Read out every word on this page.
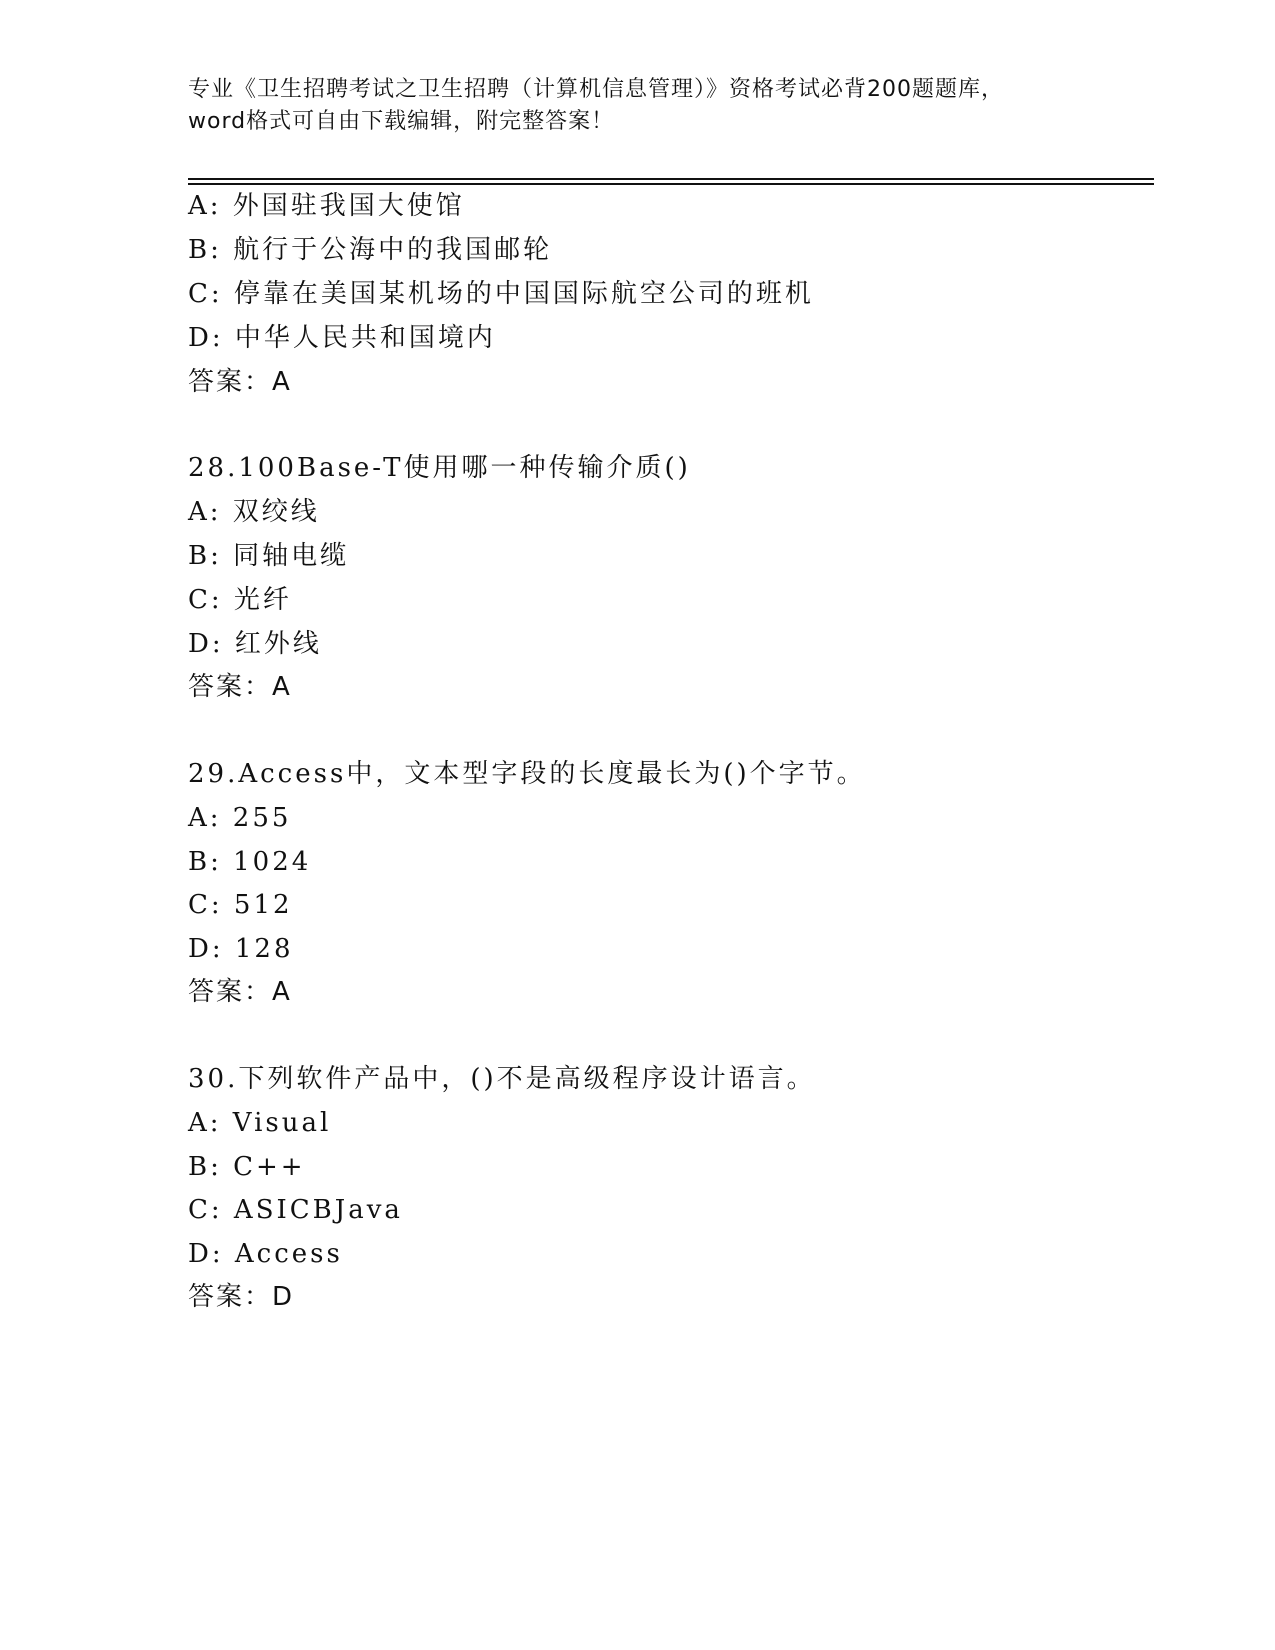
专业《卫生招聘考试之卫生招聘（计算机信息管理）》资格考试必背200题题库，
word格式可自由下载编辑，附完整答案！
A: 外国驻我国大使馆
B: 航行于公海中的我国邮轮
C: 停靠在美国某机场的中国国际航空公司的班机
D: 中华人民共和国境内
答案：A
28.100Base-T使用哪一种传输介质()
A: 双绞线
B: 同轴电缆
C: 光纤
D: 红外线
答案：A
29.Access中，文本型字段的长度最长为()个字节。
A: 255
B: 1024
C: 512
D: 128
答案：A
30.下列软件产品中，()不是高级程序设计语言。
A: Visual
B: C++
C: ASICBJava
D: Access
答案：D
